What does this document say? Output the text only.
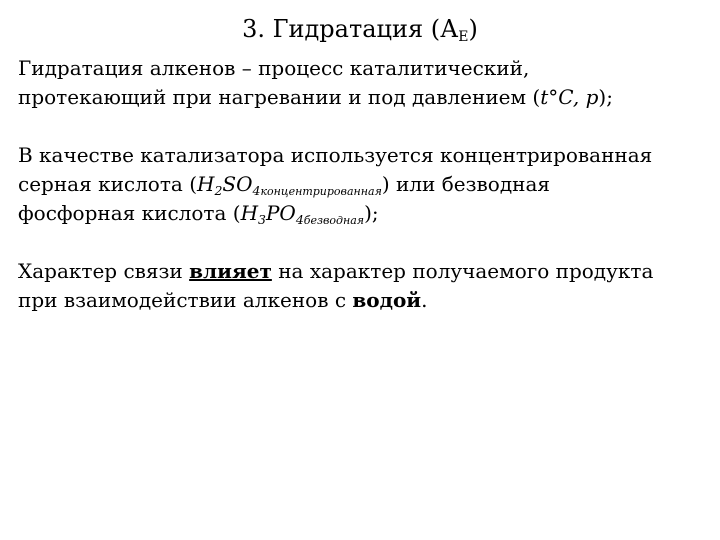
3. Гидратация $(А_Е)$
Гидратация алкенов – процесс каталитический,
протекающий при нагревании и под давлением (t°C, p);
В качестве катализатора используется концентрированная
серная кислота $(H_2SO_{4концентрированная})$ или безводная
фосфорная кислота $(H_3PO_{4безводная})$;
Характер связи влияет на характер получаемого продукта
при взаимодействии алкенов с водой.
